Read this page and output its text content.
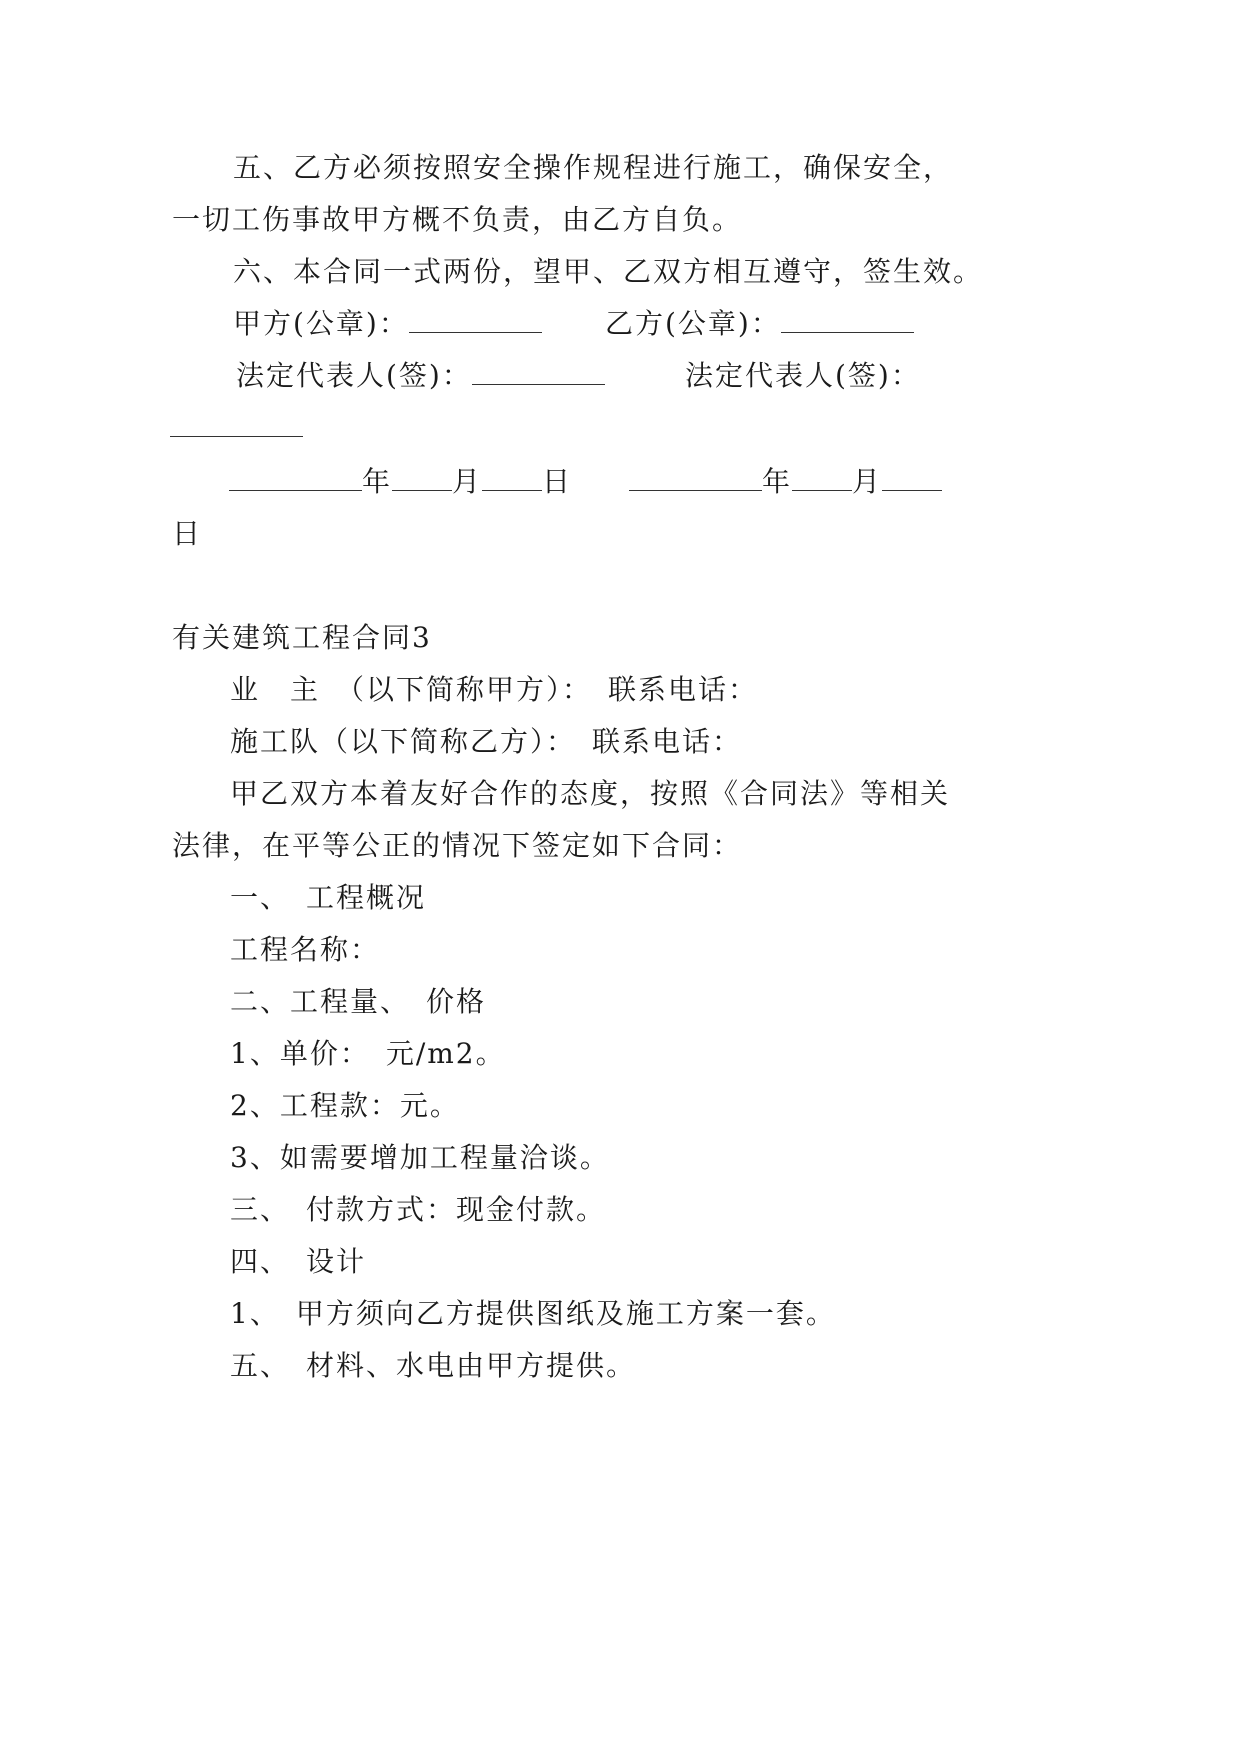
五、乙方必须按照安全操作规程进行施工，确保安全，
一切工伤事故甲方概不负责，由乙方自负。
六、本合同一式两份，望甲、乙双方相互遵守，签生效。
甲方(公章)：	乙方(公章)：
法定代表人(签)：	法定代表人(签)：
年 月 日	年 月
日
有关建筑工程合同3
业　主　（以下简称甲方）：　联系电话：
施工队（以下简称乙方）：　联系电话：
甲乙双方本着友好合作的态度，按照《合同法》等相关
法律，在平等公正的情况下签定如下合同：
一、　工程概况
工程名称：
二、工程量、　价格
1、单价：　元/m2。
2、工程款：元。
3、如需要增加工程量洽谈。
三、　付款方式：现金付款。
四、　设计
1、　甲方须向乙方提供图纸及施工方案一套。
五、　材料、水电由甲方提供。
